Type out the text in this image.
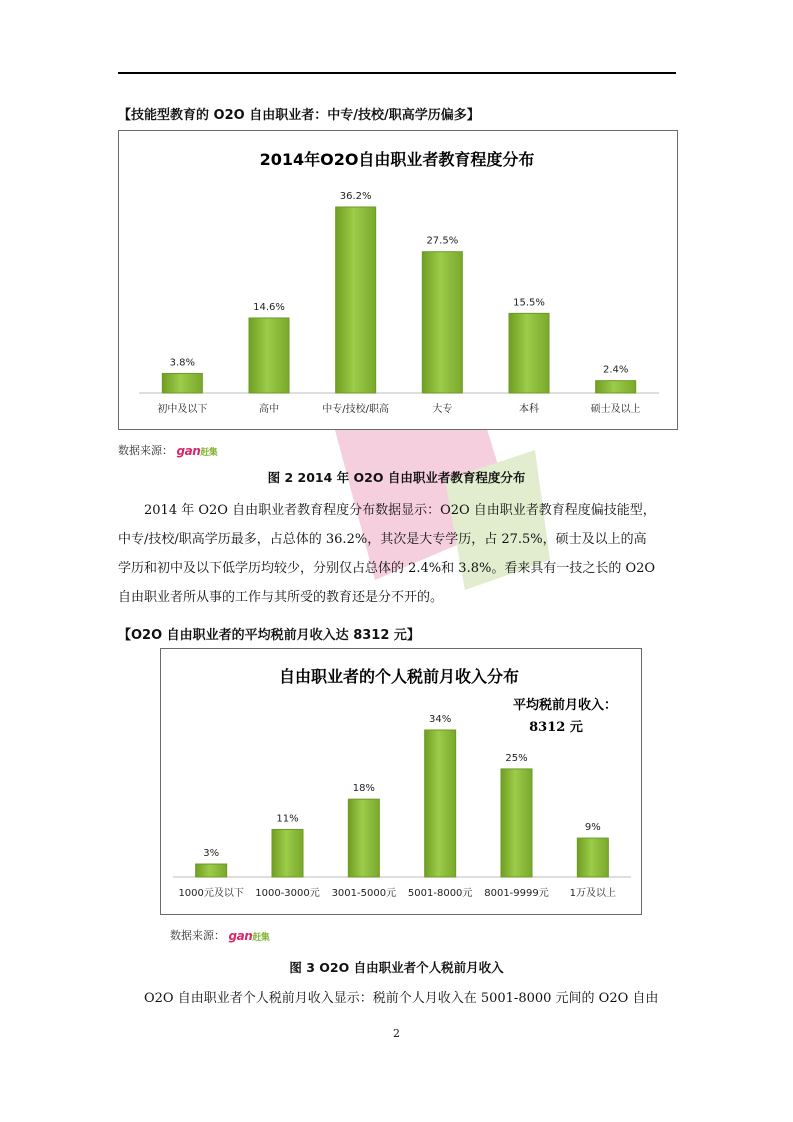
【技能型教育的 O2O 自由职业者：中专/技校/职高学历偏多】
2014年O2O自由职业者教育程度分布
3.8%
初中及以下
14.6%
高中
36.2%
中专/技校/职高
27.5%
大专
15.5%
本科
2.4%
硕士及以上
数据来源： gan赶集
图 2 2014 年 O2O 自由职业者教育程度分布

2014 年 O2O 自由职业者教育程度分布数据显示：O2O 自由职业者教育程度偏技能型，

中专/技校/职高学历最多，占总体的 36.2%，其次是大专学历，占 27.5%，硕士及以上的高

学历和初中及以下低学历均较少，分别仅占总体的 2.4%和 3.8%。看来具有一技之长的 O2O

自由职业者所从事的工作与其所受的教育还是分不开的。

【O2O 自由职业者的平均税前月收入达 8312 元】
自由职业者的个人税前月收入分布
3%
1000元及以下
11%
1000-3000元
18%
3001-5000元
34%
5001-8000元
25%
8001-9999元
9%
1万及以上
平均税前月收入：
8312 元
数据来源： gan赶集
图 3 O2O 自由职业者个人税前月收入

O2O 自由职业者个人税前月收入显示：税前个人月收入在 5001-8000 元间的 O2O 自由

2
